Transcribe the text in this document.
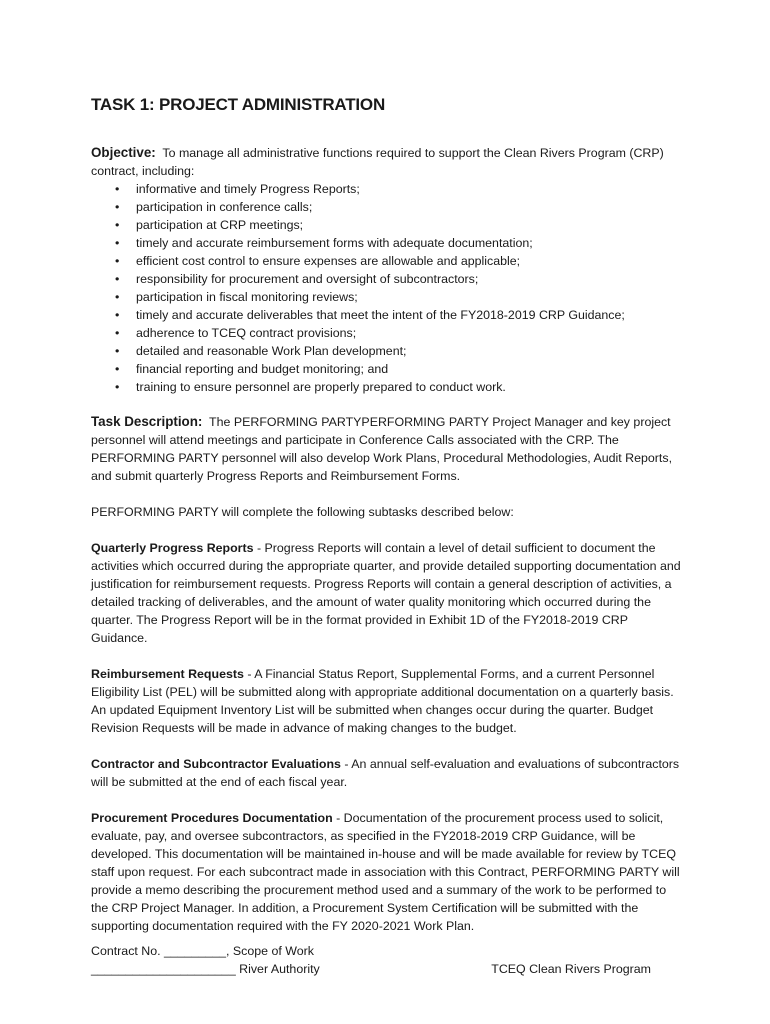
TASK 1: PROJECT ADMINISTRATION

Objective: To manage all administrative functions required to support the Clean Rivers Program (CRP) contract, including:

• informative and timely Progress Reports;
• participation in conference calls;
• participation at CRP meetings;
• timely and accurate reimbursement forms with adequate documentation;
• efficient cost control to ensure expenses are allowable and applicable;
• responsibility for procurement and oversight of subcontractors;
• participation in fiscal monitoring reviews;
• timely and accurate deliverables that meet the intent of the FY2018-2019 CRP Guidance;
• adherence to TCEQ contract provisions;
• detailed and reasonable Work Plan development;
• financial reporting and budget monitoring; and
• training to ensure personnel are properly prepared to conduct work.

Task Description: The PERFORMING PARTYPERFORMING PARTY Project Manager and key project personnel will attend meetings and participate in Conference Calls associated with the CRP. The PERFORMING PARTY personnel will also develop Work Plans, Procedural Methodologies, Audit Reports, and submit quarterly Progress Reports and Reimbursement Forms.

PERFORMING PARTY will complete the following subtasks described below:

Quarterly Progress Reports - Progress Reports will contain a level of detail sufficient to document the activities which occurred during the appropriate quarter, and provide detailed supporting documentation and justification for reimbursement requests. Progress Reports will contain a general description of activities, a detailed tracking of deliverables, and the amount of water quality monitoring which occurred during the quarter. The Progress Report will be in the format provided in Exhibit 1D of the FY2018-2019 CRP Guidance.

Reimbursement Requests - A Financial Status Report, Supplemental Forms, and a current Personnel Eligibility List (PEL) will be submitted along with appropriate additional documentation on a quarterly basis. An updated Equipment Inventory List will be submitted when changes occur during the quarter. Budget Revision Requests will be made in advance of making changes to the budget.

Contractor and Subcontractor Evaluations - An annual self-evaluation and evaluations of subcontractors will be submitted at the end of each fiscal year.

Procurement Procedures Documentation - Documentation of the procurement process used to solicit, evaluate, pay, and oversee subcontractors, as specified in the FY2018-2019 CRP Guidance, will be developed. This documentation will be maintained in-house and will be made available for review by TCEQ staff upon request. For each subcontract made in association with this Contract, PERFORMING PARTY will provide a memo describing the procurement method used and a summary of the work to be performed to the CRP Project Manager. In addition, a Procurement System Certification will be submitted with the supporting documentation required with the FY 2020-2021 Work Plan.

Contract No. _________, Scope of Work
_____________________ River Authority	TCEQ Clean Rivers Program
